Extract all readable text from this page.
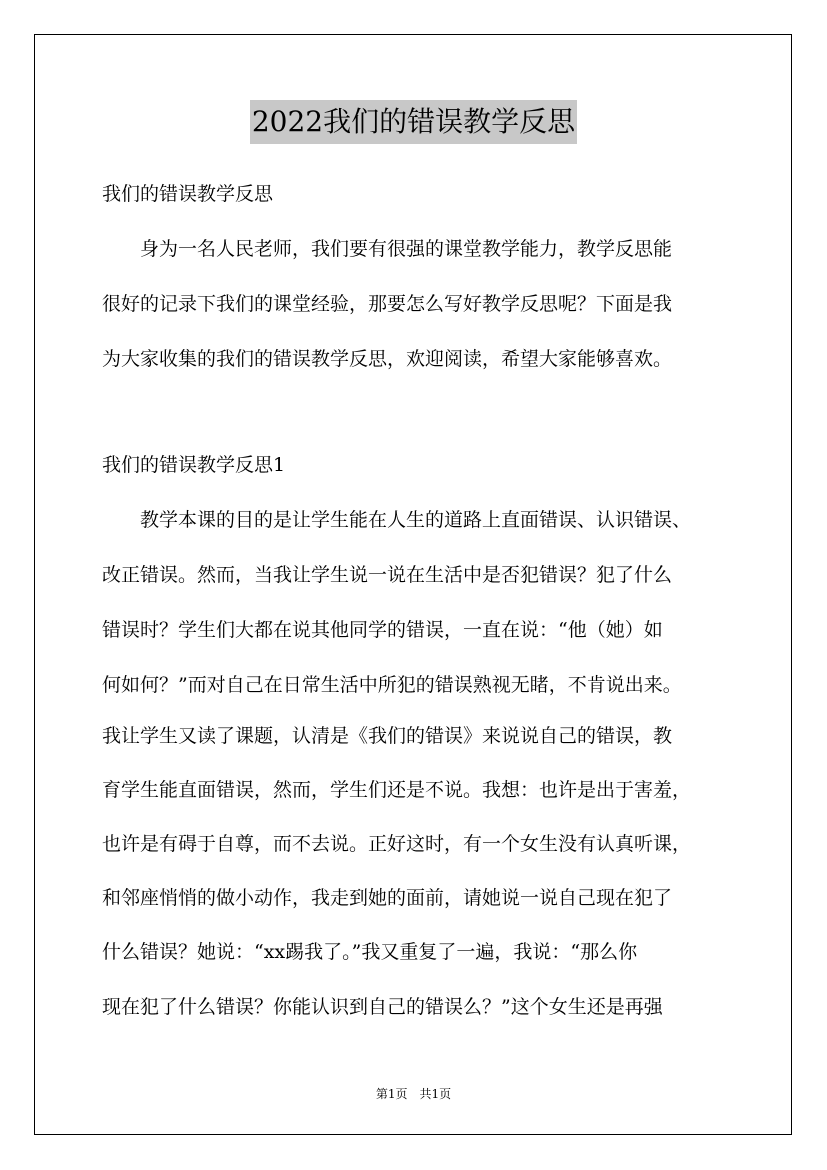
2022我们的错误教学反思
我们的错误教学反思
　　身为一名人民老师，我们要有很强的课堂教学能力，教学反思能
很好的记录下我们的课堂经验，那要怎么写好教学反思呢？下面是我
为大家收集的我们的错误教学反思，欢迎阅读，希望大家能够喜欢。
我们的错误教学反思1
　　教学本课的目的是让学生能在人生的道路上直面错误、认识错误、
改正错误。然而，当我让学生说一说在生活中是否犯错误？犯了什么
错误时？学生们大都在说其他同学的错误，一直在说：“他（她）如
何如何？”而对自己在日常生活中所犯的错误熟视无睹，不肯说出来。
我让学生又读了课题，认清是《我们的错误》来说说自己的错误，教
育学生能直面错误，然而，学生们还是不说。我想：也许是出于害羞，
也许是有碍于自尊，而不去说。正好这时，有一个女生没有认真听课，
和邻座悄悄的做小动作，我走到她的面前，请她说一说自己现在犯了
什么错误？她说：“xx踢我了。”我又重复了一遍，我说：“那么你
现在犯了什么错误？你能认识到自己的错误么？”这个女生还是再强
第1页　共1页
